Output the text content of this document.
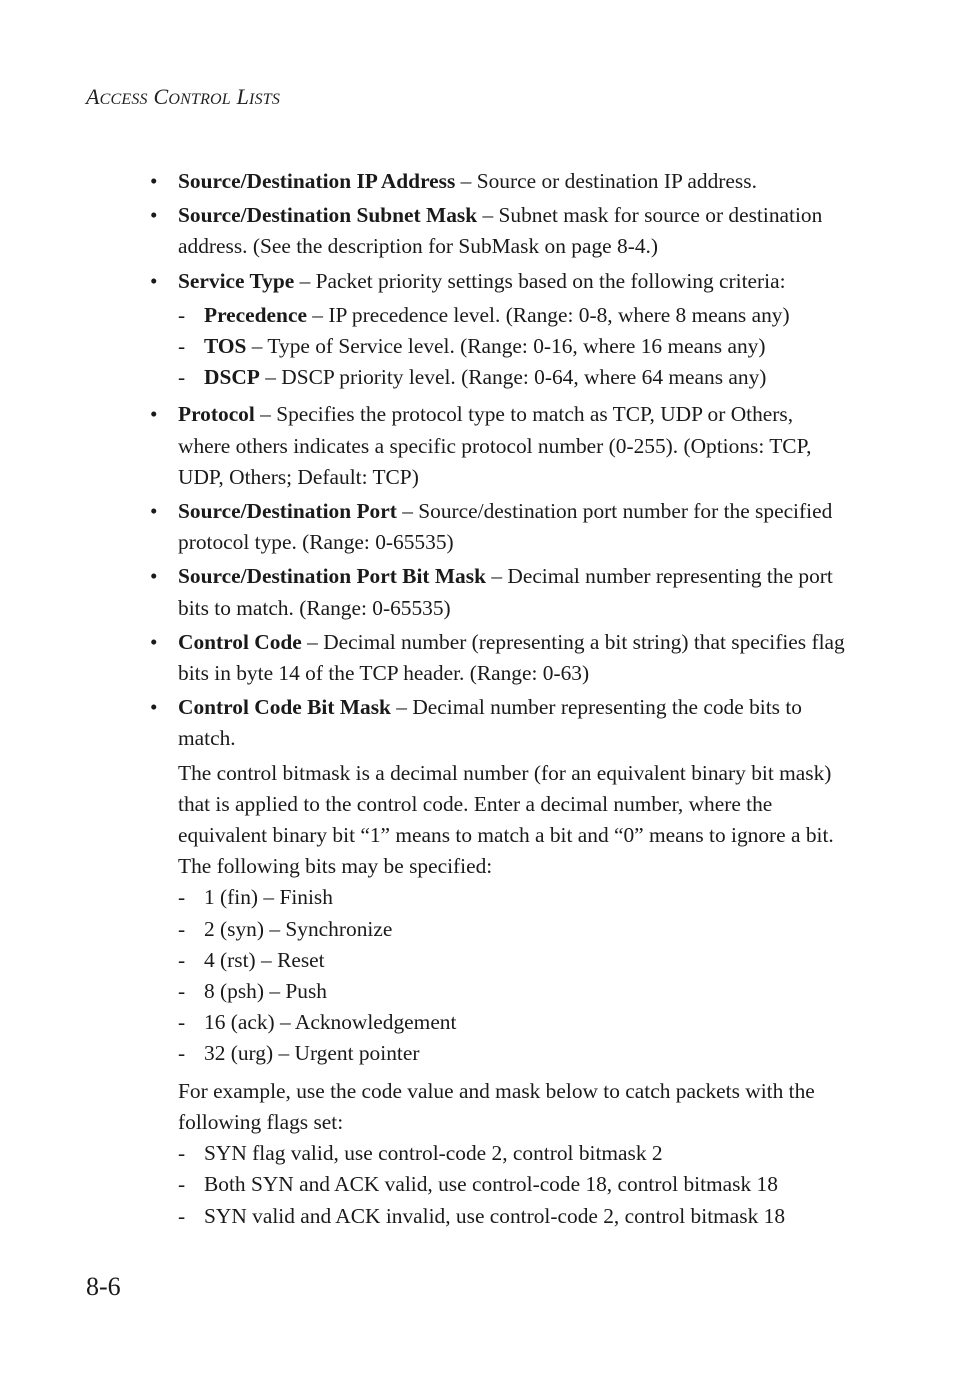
ACCESS CONTROL LISTS
• Source/Destination IP Address – Source or destination IP address.
• Source/Destination Subnet Mask – Subnet mask for source or destination address. (See the description for SubMask on page 8-4.)
• Service Type – Packet priority settings based on the following criteria:
- Precedence – IP precedence level. (Range: 0-8, where 8 means any)
- TOS – Type of Service level. (Range: 0-16, where 16 means any)
- DSCP – DSCP priority level. (Range: 0-64, where 64 means any)
• Protocol – Specifies the protocol type to match as TCP, UDP or Others, where others indicates a specific protocol number (0-255). (Options: TCP, UDP, Others; Default: TCP)
• Source/Destination Port – Source/destination port number for the specified protocol type. (Range: 0-65535)
• Source/Destination Port Bit Mask – Decimal number representing the port bits to match. (Range: 0-65535)
• Control Code – Decimal number (representing a bit string) that specifies flag bits in byte 14 of the TCP header. (Range: 0-63)
• Control Code Bit Mask – Decimal number representing the code bits to match.
The control bitmask is a decimal number (for an equivalent binary bit mask) that is applied to the control code. Enter a decimal number, where the equivalent binary bit “1” means to match a bit and “0” means to ignore a bit. The following bits may be specified:
- 1 (fin) – Finish
- 2 (syn) – Synchronize
- 4 (rst) – Reset
- 8 (psh) – Push
- 16 (ack) – Acknowledgement
- 32 (urg) – Urgent pointer
For example, use the code value and mask below to catch packets with the following flags set:
- SYN flag valid, use control-code 2, control bitmask 2
- Both SYN and ACK valid, use control-code 18, control bitmask 18
- SYN valid and ACK invalid, use control-code 2, control bitmask 18
8-6
